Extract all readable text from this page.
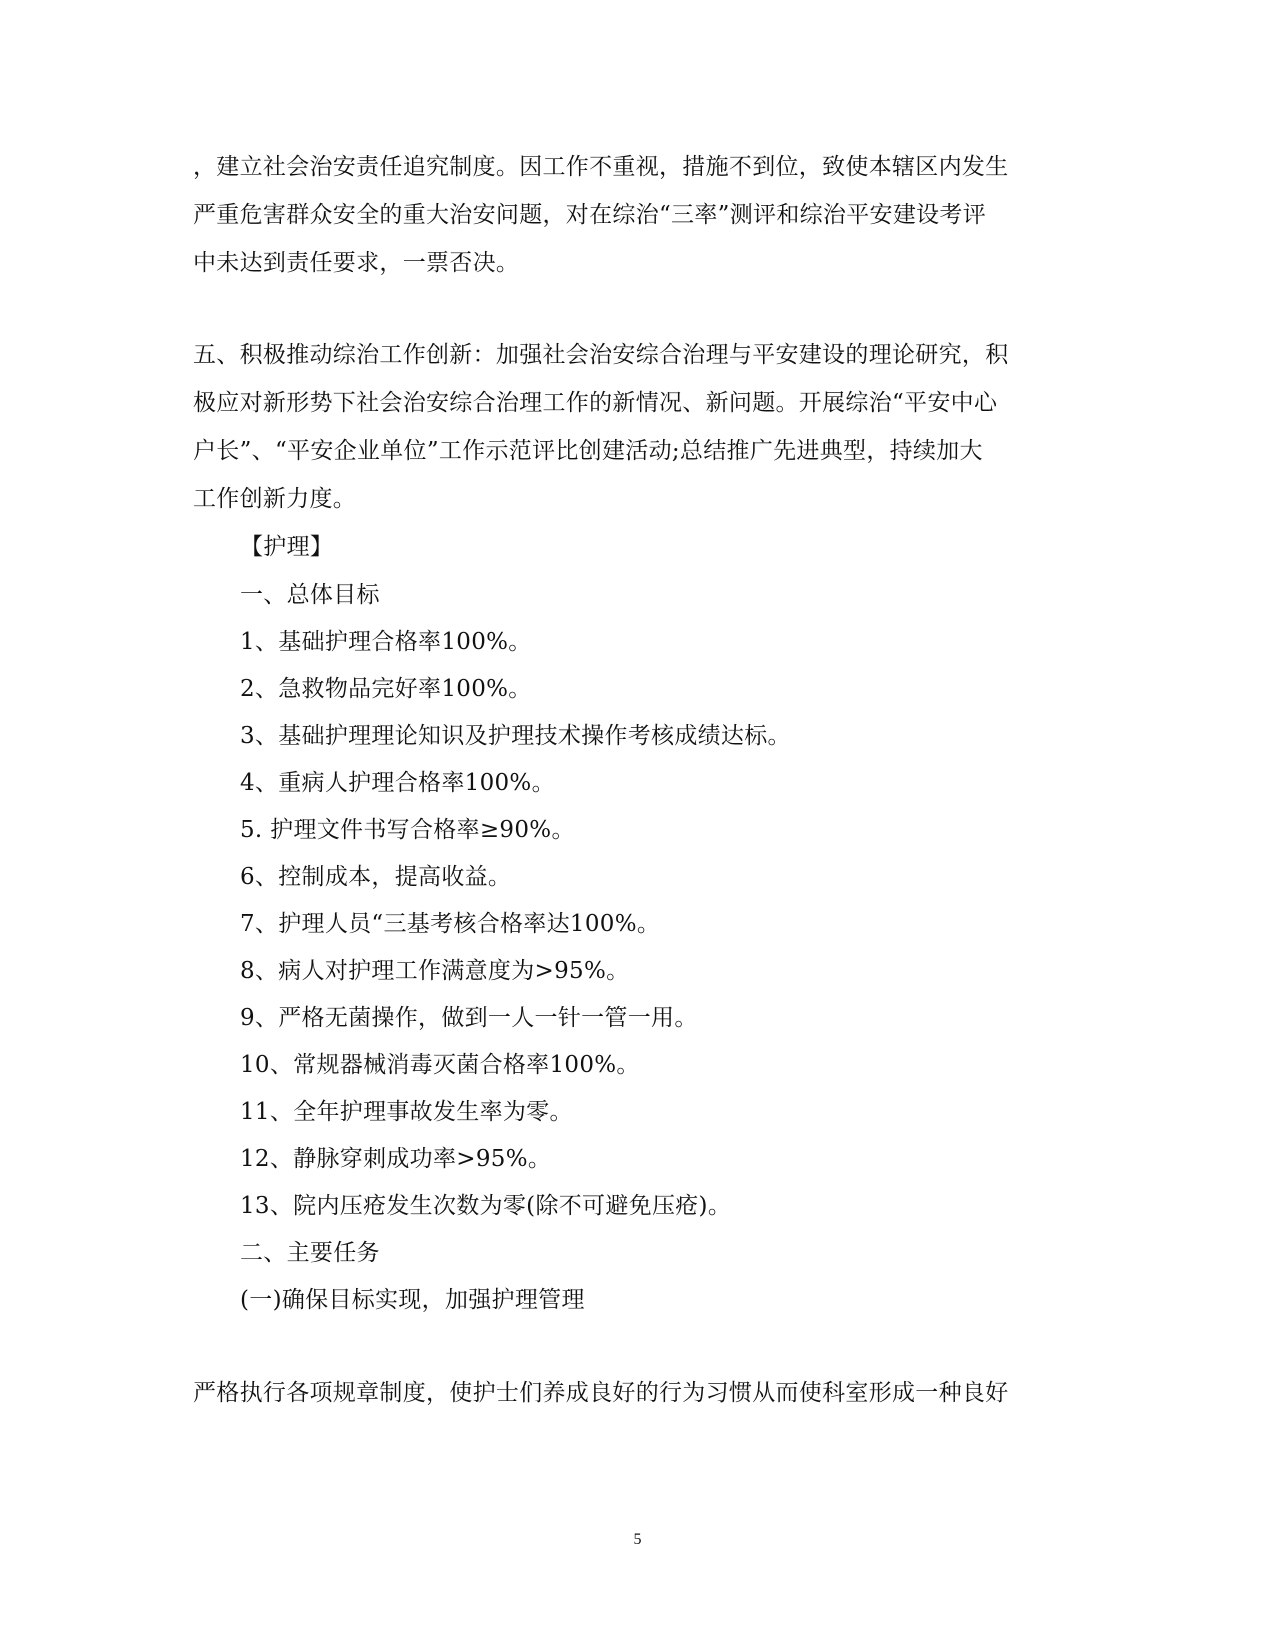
，建立社会治安责任追究制度。因工作不重视，措施不到位，致使本辖区内发生
严重危害群众安全的重大治安问题，对在综治“三率”测评和综治平安建设考评
中未达到责任要求，一票否决。
五、积极推动综治工作创新：加强社会治安综合治理与平安建设的理论研究，积
极应对新形势下社会治安综合治理工作的新情况、新问题。开展综治“平安中心
户长”、“平安企业单位”工作示范评比创建活动;总结推广先进典型，持续加大
工作创新力度。
【护理】
一、总体目标
1、基础护理合格率100%。
2、急救物品完好率100%。
3、基础护理理论知识及护理技术操作考核成绩达标。
4、重病人护理合格率100%。
5. 护理文件书写合格率≥90%。
6、控制成本，提高收益。
7、护理人员“三基考核合格率达100%。
8、病人对护理工作满意度为>95%。
9、严格无菌操作，做到一人一针一管一用。
10、常规器械消毒灭菌合格率100%。
11、全年护理事故发生率为零。
12、静脉穿刺成功率>95%。
13、院内压疮发生次数为零(除不可避免压疮)。
二、主要任务
(一)确保目标实现，加强护理管理
严格执行各项规章制度，使护士们养成良好的行为习惯从而使科室形成一种良好
5
